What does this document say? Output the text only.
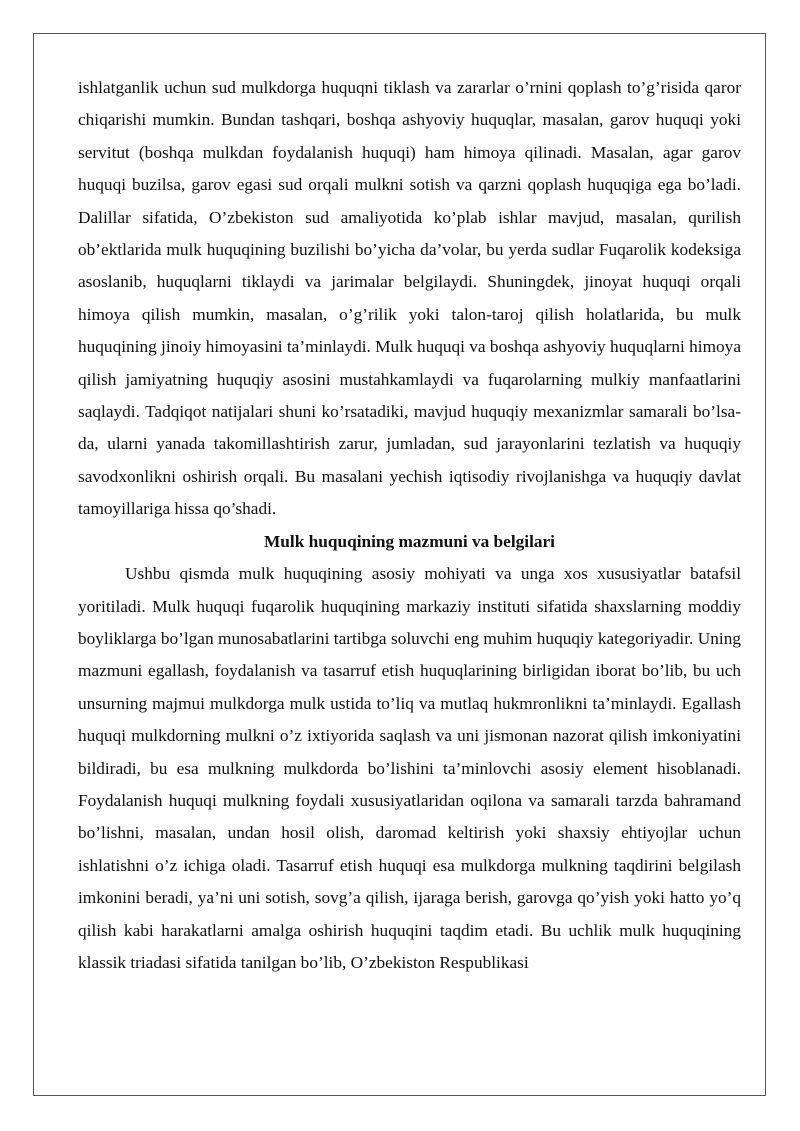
ishlatganlik uchun sud mulkdorga huquqni tiklash va zararlar o’rnini qoplash to’g’risida qaror chiqarishi mumkin. Bundan tashqari, boshqa ashyoviy huquqlar, masalan, garov huquqi yoki servitut (boshqa mulkdan foydalanish huquqi) ham himoya qilinadi. Masalan, agar garov huquqi buzilsa, garov egasi sud orqali mulkni sotish va qarzni qoplash huquqiga ega bo’ladi. Dalillar sifatida, O’zbekiston sud amaliyotida ko’plab ishlar mavjud, masalan, qurilish ob’ektlarida mulk huquqining buzilishi bo’yicha da’volar, bu yerda sudlar Fuqarolik kodeksiga asoslanib, huquqlarni tiklaydi va jarimalar belgilaydi. Shuningdek, jinoyat huquqi orqali himoya qilish mumkin, masalan, o’g’rilik yoki talon-taroj qilish holatlarida, bu mulk huquqining jinoiy himoyasini ta’minlaydi. Mulk huquqi va boshqa ashyoviy huquqlarni himoya qilish jamiyatning huquqiy asosini mustahkamlaydi va fuqarolarning mulkiy manfaatlarini saqlaydi. Tadqiqot natijalari shuni ko’rsatadiki, mavjud huquqiy mexanizmlar samarali bo’lsa-da, ularni yanada takomillashtirish zarur, jumladan, sud jarayonlarini tezlatish va huquqiy savodxonlikni oshirish orqali. Bu masalani yechish iqtisodiy rivojlanishga va huquqiy davlat tamoyillariga hissa qo’shadi.

Mulk huquqining mazmuni va belgilari

Ushbu qismda mulk huquqining asosiy mohiyati va unga xos xususiyatlar batafsil yoritiladi. Mulk huquqi fuqarolik huquqining markaziy instituti sifatida shaxslarning moddiy boyliklarga bo’lgan munosabatlarini tartibga soluvchi eng muhim huquqiy kategoriyadir. Uning mazmuni egallash, foydalanish va tasarruf etish huquqlarining birligidan iborat bo’lib, bu uch unsurning majmui mulkdorga mulk ustida to’liq va mutlaq hukmronlikni ta’minlaydi. Egallash huquqi mulkdorning mulkni o’z ixtiyorida saqlash va uni jismonan nazorat qilish imkoniyatini bildiradi, bu esa mulkning mulkdorda bo’lishini ta’minlovchi asosiy element hisoblanadi. Foydalanish huquqi mulkning foydali xususiyatlaridan oqilona va samarali tarzda bahramand bo’lishni, masalan, undan hosil olish, daromad keltirish yoki shaxsiy ehtiyojlar uchun ishlatishni o’z ichiga oladi. Tasarruf etish huquqi esa mulkdorga mulkning taqdirini belgilash imkonini beradi, ya’ni uni sotish, sovg’a qilish, ijaraga berish, garovga qo’yish yoki hatto yo’q qilish kabi harakatlarni amalga oshirish huquqini taqdim etadi. Bu uchlik mulk huquqining klassik triadasi sifatida tanilgan bo’lib, O’zbekiston Respublikasi
